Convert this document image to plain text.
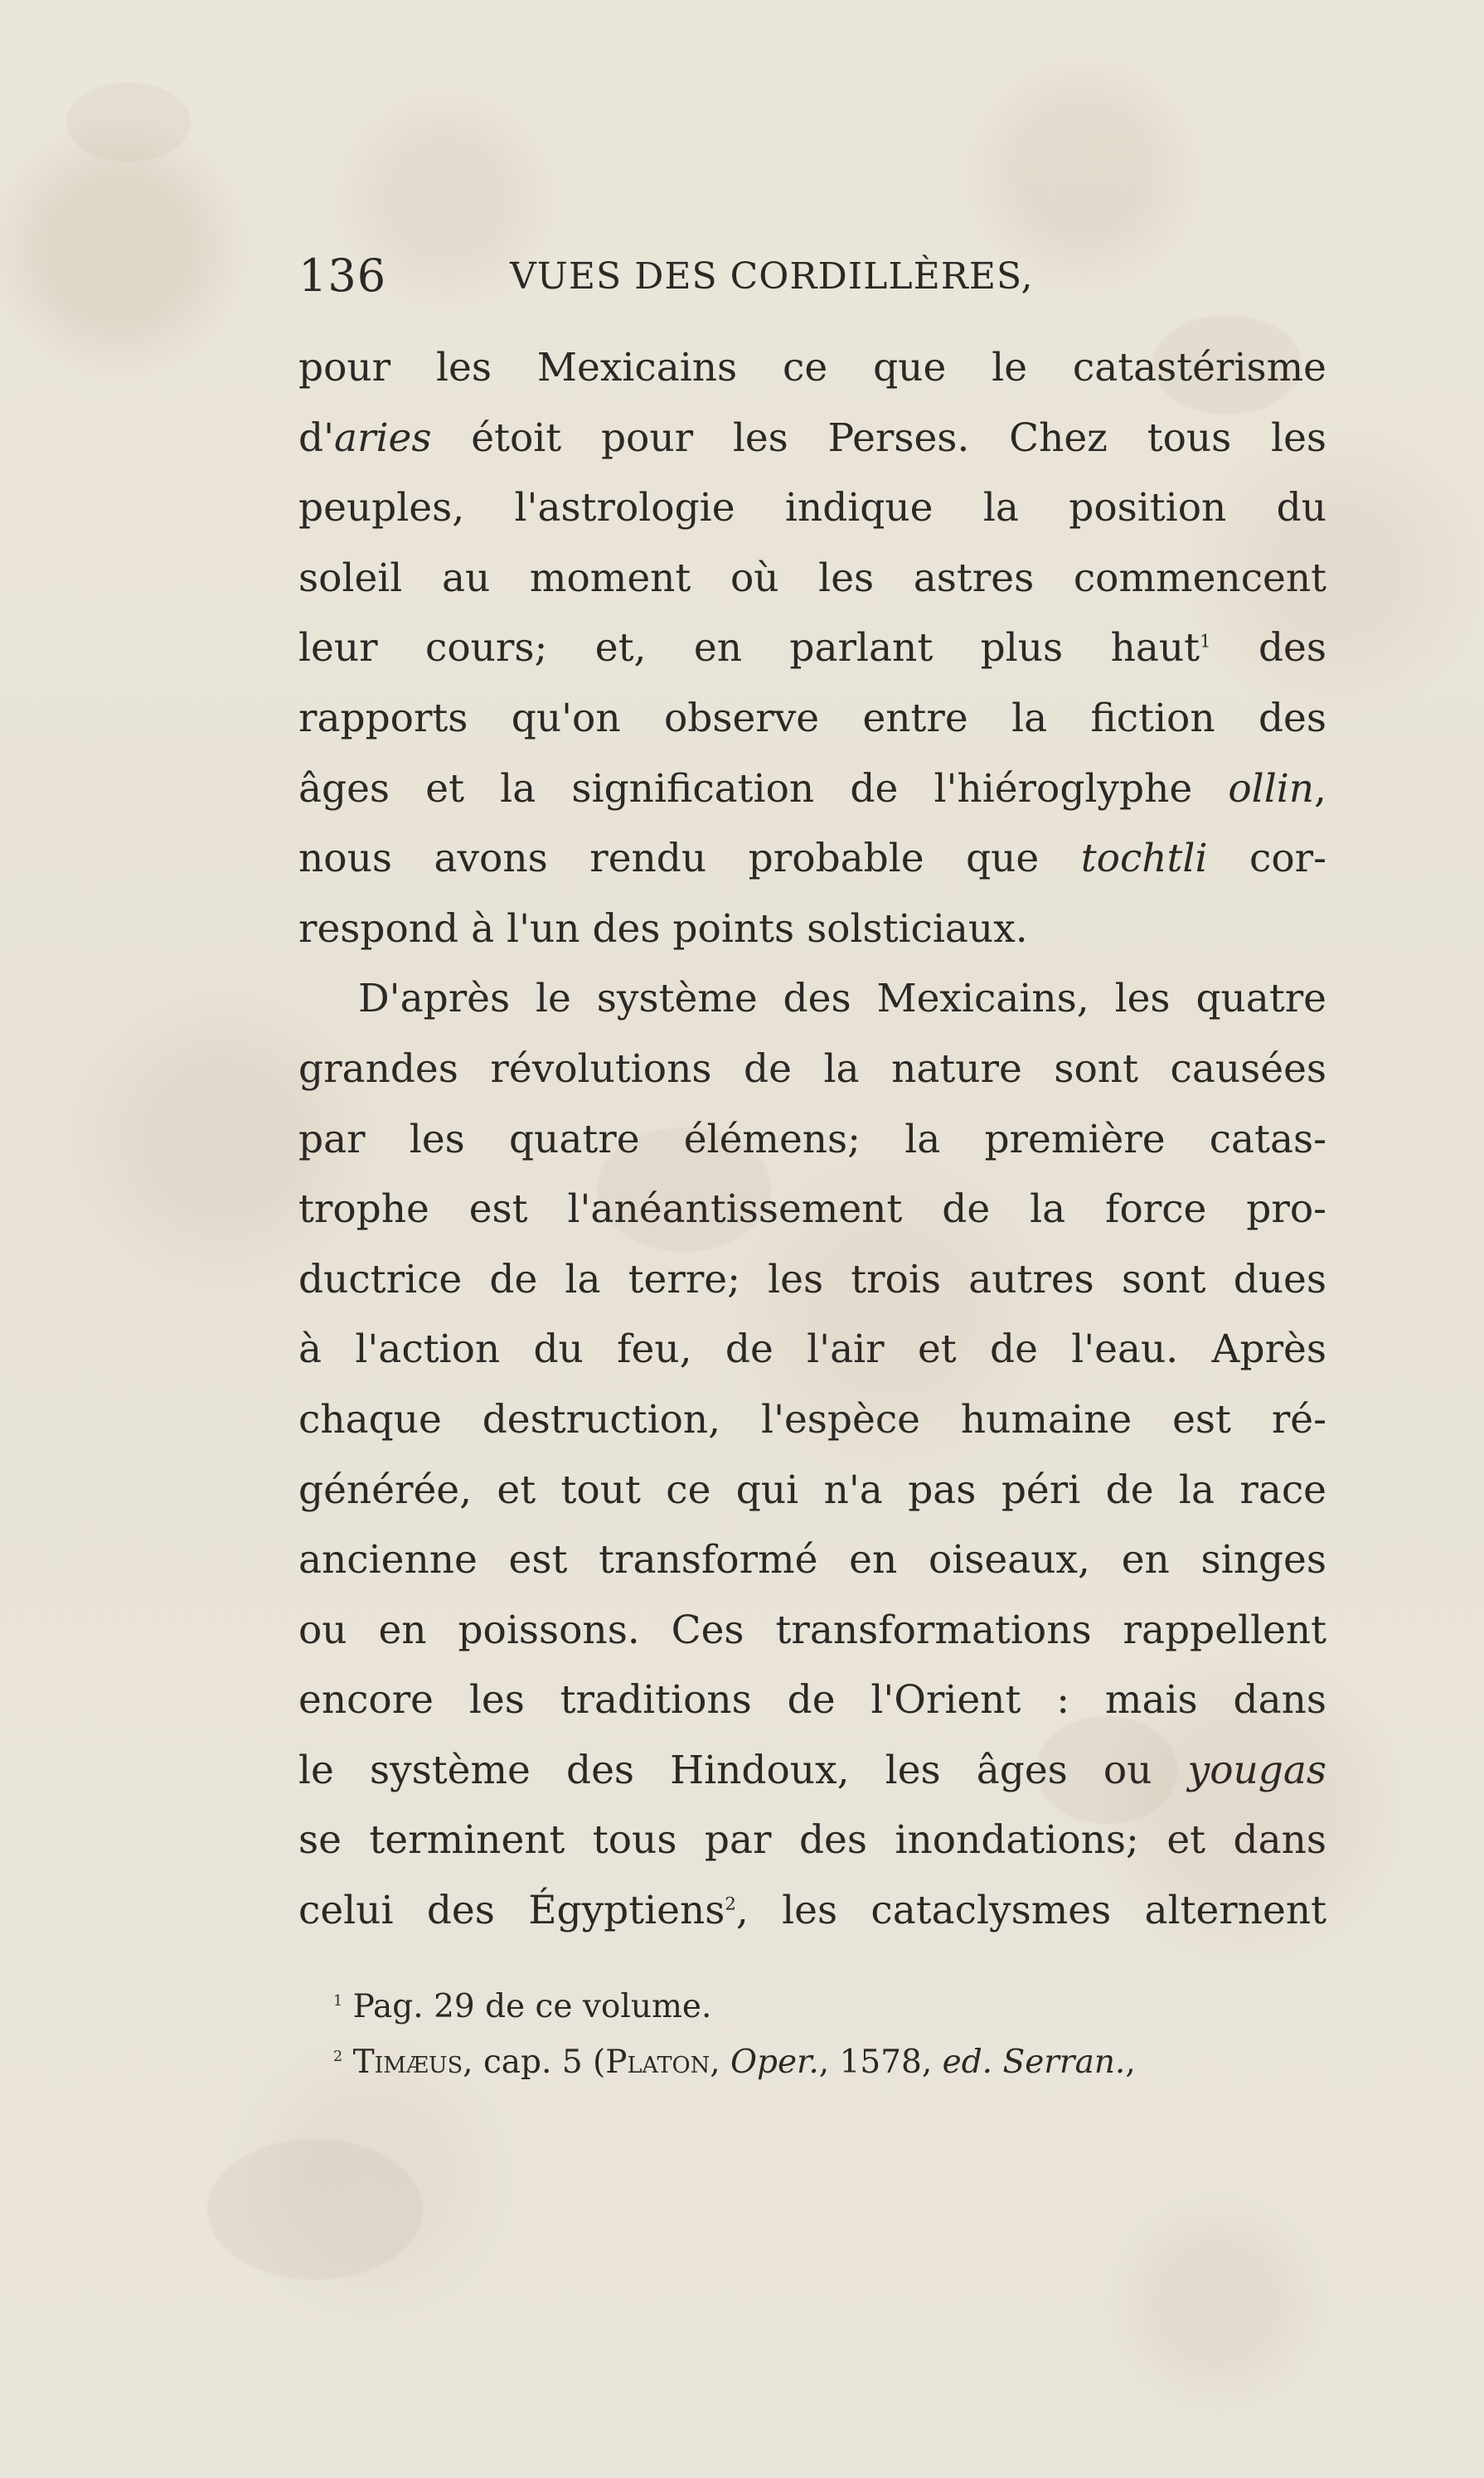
136	VUES DES CORDILLÈRES,
pour les Mexicains ce que le catastérisme
d'aries étoit pour les Perses. Chez tous les
peuples, l'astrologie indique la position du
soleil au moment où les astres commencent
leur cours; et, en parlant plus haut$^1$ des
rapports qu'on observe entre la fiction des
âges et la signification de l'hiéroglyphe ollin,
nous avons rendu probable que tochtli cor-
respond à l'un des points solsticiaux.
D'après le système des Mexicains, les quatre
grandes révolutions de la nature sont causées
par les quatre élémens; la première catas-
trophe est l'anéantissement de la force pro-
ductrice de la terre; les trois autres sont dues
à l'action du feu, de l'air et de l'eau. Après
chaque destruction, l'espèce humaine est ré-
générée, et tout ce qui n'a pas péri de la race
ancienne est transformé en oiseaux, en singes
ou en poissons. Ces transformations rappellent
encore les traditions de l'Orient : mais dans
le système des Hindoux, les âges ou yougas
se terminent tous par des inondations; et dans
celui des Égyptiens$^2$, les cataclysmes alternent
$^1$ Pag. 29 de ce volume.
$^2$ Timæus, cap. 5 (Platon, Oper., 1578, ed. Serran.,
